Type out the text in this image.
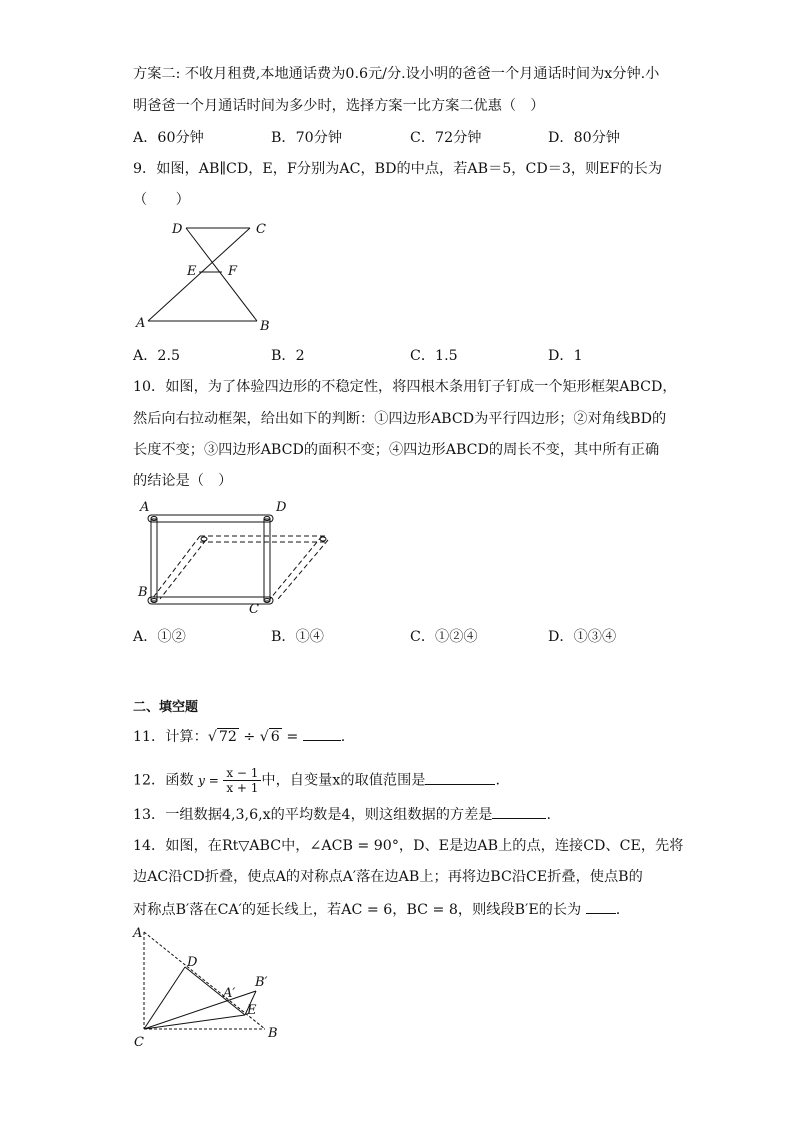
方案二: 不收月租费,本地通话费为0.6元/分.设小明的爸爸一个月通话时间为x分钟.小
明爸爸一个月通话时间为多少时，选择方案一比方案二优惠（　）
A．60分钟	B．70分钟	C．72分钟	D．80分钟
9．如图，AB∥CD，E，F分别为AC，BD的中点，若AB＝5，CD＝3，则EF的长为
（　　）
D	C
E F
A	B
A．2.5	B．2	C．1.5	D．1
10．如图，为了体验四边形的不稳定性，将四根木条用钉子钉成一个矩形框架ABCD，
然后向右拉动框架，给出如下的判断：①四边形ABCD为平行四边形；②对角线BD的
长度不变；③四边形ABCD的面积不变；④四边形ABCD的周长不变，其中所有正确
的结论是（　）
A	D
B
C
A．①②	B．①④	C．①②④	D．①③④
二、填空题
11．计算： √ 72 ÷ √ 6 =	.
12．函数 $y = \frac{x - 1}{x + 1}$ 中，自变量x的取值范围是	.
13．一组数据4,3,6,x的平均数是4，则这组数据的方差是	.
14．如图，在Rt▽ABC中，∠ACB = 90°，D、E是边AB上的点，连接CD、CE，先将
边AC沿CD折叠，使点A的对称点A′落在边AB上；再将边BC沿CE折叠，使点B的
对称点B′落在CA′的延长线上，若AC = 6，BC = 8，则线段B′E的长为 .
A
D
B′
A′
E
C
B
